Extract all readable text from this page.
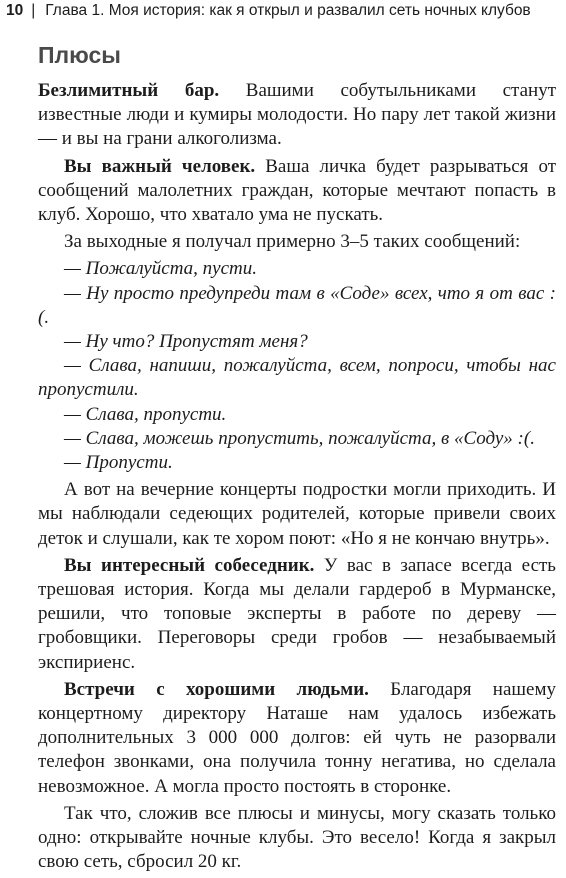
10 | Глава 1. Моя история: как я открыл и развалил сеть ночных клубов
Плюсы

Безлимитный бар. Вашими собутыльниками станут известные люди и кумиры молодости. Но пару лет такой жизни — и вы на грани алкоголизма.

Вы важный человек. Ваша личка будет разрываться от сообщений малолетних граждан, которые мечтают попасть в клуб. Хорошо, что хватало ума не пускать.

За выходные я получал примерно 3–5 таких сообщений:

— Пожалуйста, пусти.

— Ну просто предупреди там в «Соде» всех, что я от вас :(.

— Ну что? Пропустят меня?

— Слава, напиши, пожалуйста, всем, попроси, чтобы нас пропустили.

— Слава, пропусти.

— Слава, можешь пропустить, пожалуйста, в «Соду» :(.

— Пропусти.

А вот на вечерние концерты подростки могли приходить. И мы наблюдали седеющих родителей, которые привели своих деток и слушали, как те хором поют: «Но я не кончаю внутрь».

Вы интересный собеседник. У вас в запасе всегда есть трешовая история. Когда мы делали гардероб в Мурманске, решили, что топовые эксперты в работе по дереву — гробовщики. Переговоры среди гробов — незабываемый экспириенс.

Встречи с хорошими людьми. Благодаря нашему концертному директору Наташе нам удалось избежать дополнительных 3 000 000 долгов: ей чуть не разорвали телефон звонками, она получила тонну негатива, но сделала невозможное. А могла просто постоять в сторонке.

Так что, сложив все плюсы и минусы, могу сказать только одно: открывайте ночные клубы. Это весело! Когда я закрыл свою сеть, сбросил 20 кг.
